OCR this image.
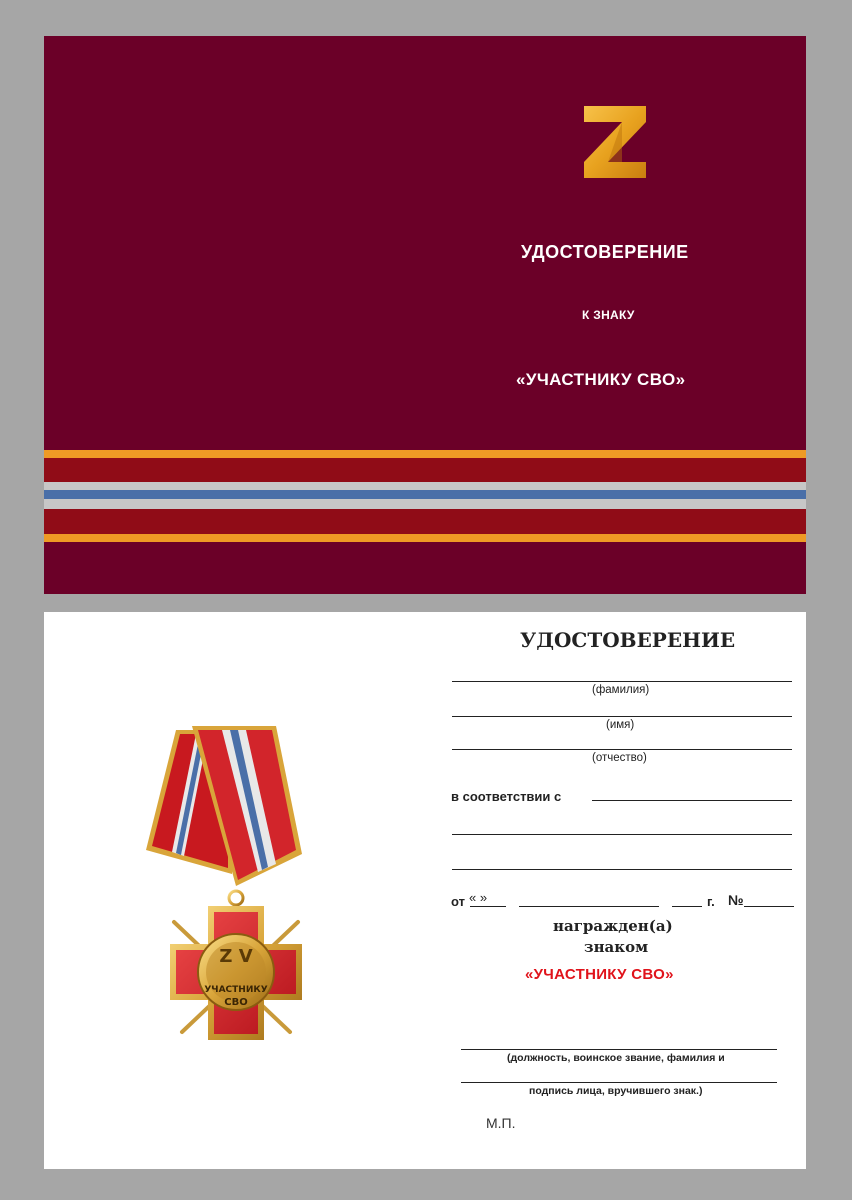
УДОСТОВЕРЕНИЕ
К ЗНАКУ
«УЧАСТНИКУ СВО»
Z V
УЧАСТНИКУ
СВО
УДОСТОВЕРЕНИЕ
(фамилия)
(имя)
(отчество)
в соответствии с
от « »	г. №
награжден(а)
знаком
«УЧАСТНИКУ СВО»
(должность, воинское звание, фамилия и
подпись лица, вручившего знак.)
М.П.
